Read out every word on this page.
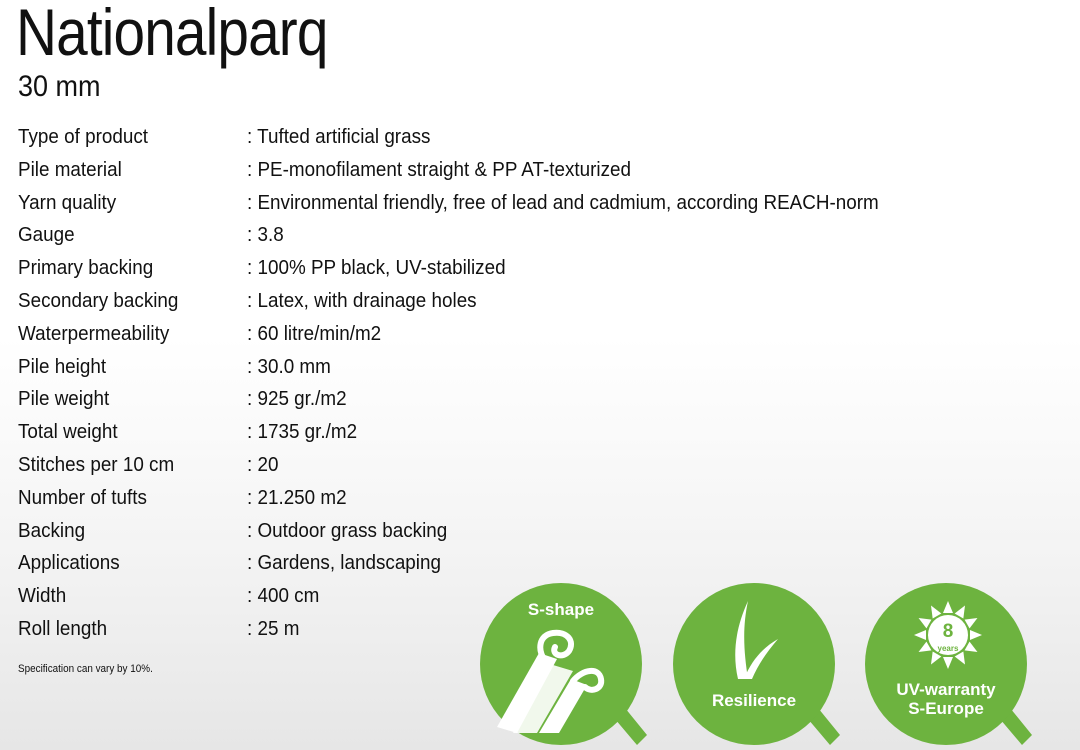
Nationalparq
30 mm
Type of product	: Tufted artificial grass
Pile material	: PE-monofilament straight & PP AT-texturized
Yarn quality	: Environmental friendly, free of lead and cadmium, according REACH-norm
Gauge	: 3.8
Primary backing	: 100% PP black, UV-stabilized
Secondary backing	: Latex, with drainage holes
Waterpermeability	: 60 litre/min/m2
Pile height	: 30.0 mm
Pile weight	: 925 gr./m2
Total weight	: 1735 gr./m2
Stitches per 10 cm	: 20
Number of tufts	: 21.250 m2
Backing	: Outdoor grass backing
Applications	: Gardens, landscaping
Width	: 400 cm
Roll length	: 25 m
Specification can vary by 10%.
S-shape
Resilience
8
years
UV-warranty
S-Europe
